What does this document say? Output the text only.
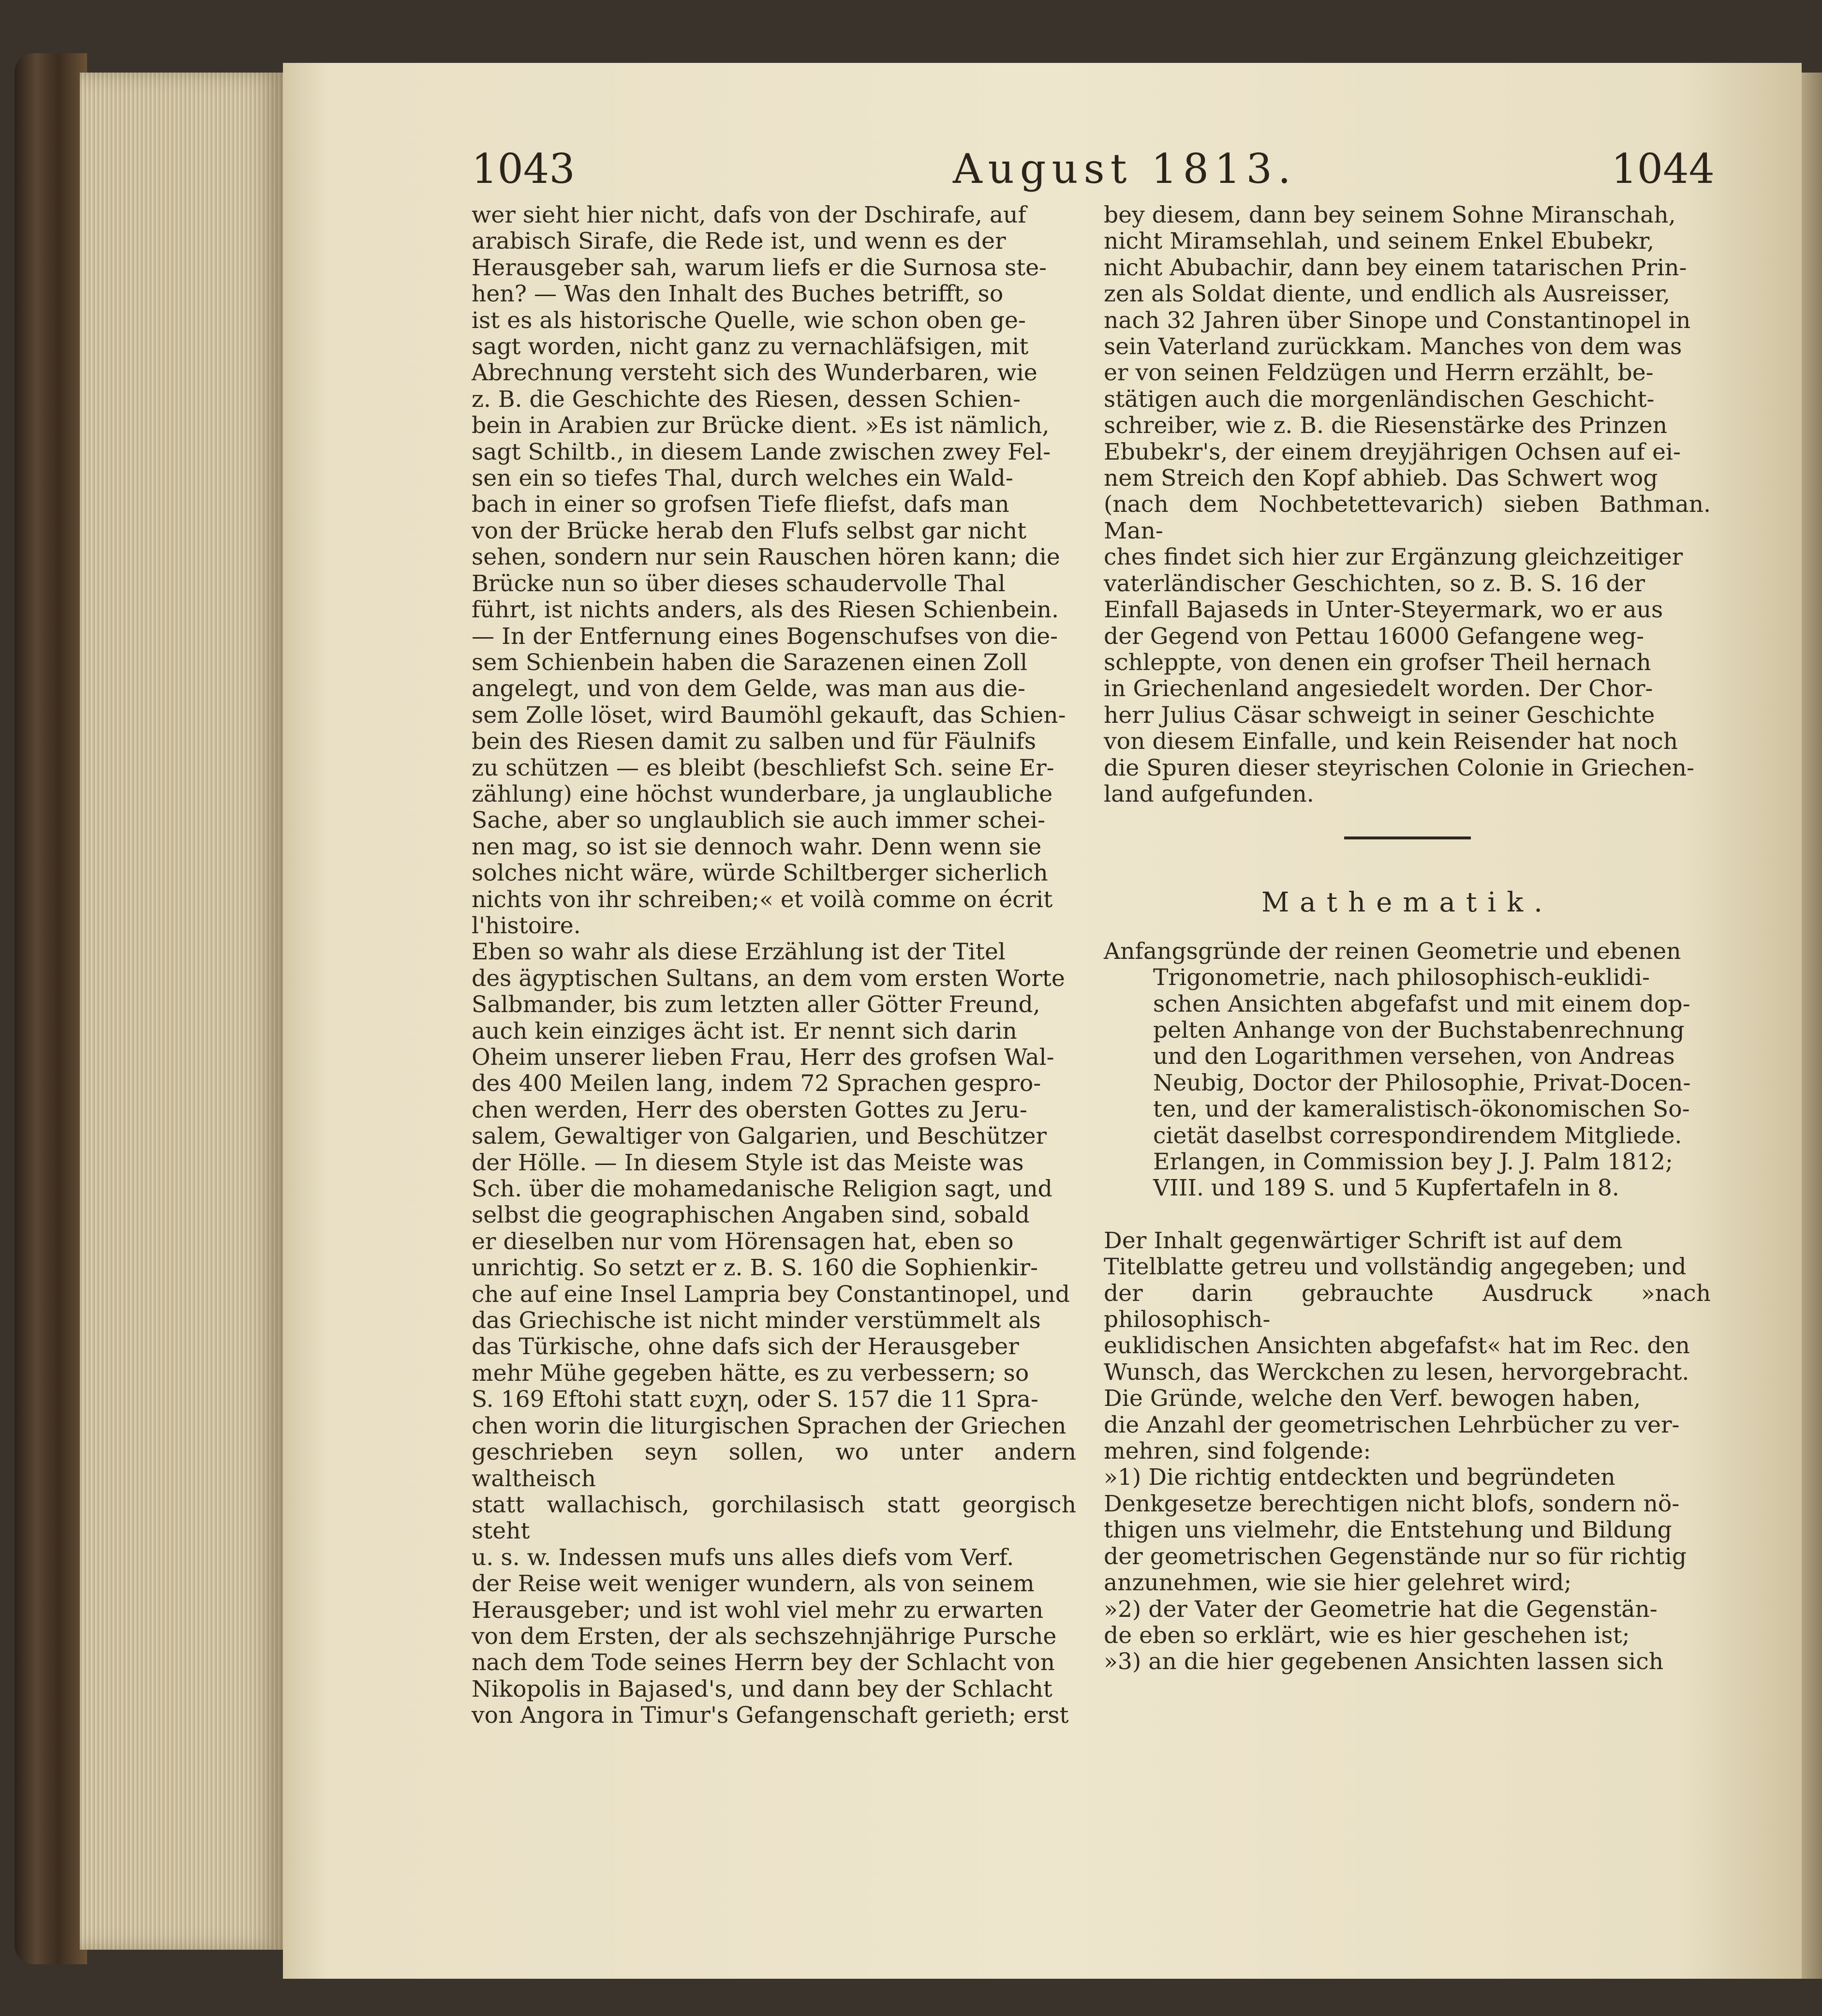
1043	August 1813.	1044

wer sieht hier nicht, dafs von der Dschirafe, auf

arabisch Sirafe, die Rede ist, und wenn es der

Herausgeber sah, warum liefs er die Surnosa ste-

hen? — Was den Inhalt des Buches betrifft, so

ist es als historische Quelle, wie schon oben ge-

sagt worden, nicht ganz zu vernachläfsigen, mit

Abrechnung versteht sich des Wunderbaren, wie

z. B. die Geschichte des Riesen, dessen Schien-

bein in Arabien zur Brücke dient. »Es ist nämlich,

sagt Schiltb., in diesem Lande zwischen zwey Fel-

sen ein so tiefes Thal, durch welches ein Wald-

bach in einer so grofsen Tiefe fliefst, dafs man

von der Brücke herab den Flufs selbst gar nicht

sehen, sondern nur sein Rauschen hören kann; die

Brücke nun so über dieses schaudervolle Thal

führt, ist nichts anders, als des Riesen Schienbein.

— In der Entfernung eines Bogenschufses von die-

sem Schienbein haben die Sarazenen einen Zoll

angelegt, und von dem Gelde, was man aus die-

sem Zolle löset, wird Baumöhl gekauft, das Schien-

bein des Riesen damit zu salben und für Fäulnifs

zu schützen — es bleibt (beschliefst Sch. seine Er-

zählung) eine höchst wunderbare, ja unglaubliche

Sache, aber so unglaublich sie auch immer schei-

nen mag, so ist sie dennoch wahr. Denn wenn sie

solches nicht wäre, würde Schiltberger sicherlich

nichts von ihr schreiben;« et voilà comme on écrit

l'histoire.

Eben so wahr als diese Erzählung ist der Titel

des ägyptischen Sultans, an dem vom ersten Worte

Salbmander, bis zum letzten aller Götter Freund,

auch kein einziges ächt ist. Er nennt sich darin

Oheim unserer lieben Frau, Herr des grofsen Wal-

des 400 Meilen lang, indem 72 Sprachen gespro-

chen werden, Herr des obersten Gottes zu Jeru-

salem, Gewaltiger von Galgarien, und Beschützer

der Hölle. — In diesem Style ist das Meiste was

Sch. über die mohamedanische Religion sagt, und

selbst die geographischen Angaben sind, sobald

er dieselben nur vom Hörensagen hat, eben so

unrichtig. So setzt er z. B. S. 160 die Sophienkir-

che auf eine Insel Lampria bey Constantinopel, und

das Griechische ist nicht minder verstümmelt als

das Türkische, ohne dafs sich der Herausgeber

mehr Mühe gegeben hätte, es zu verbessern; so

S. 169 Eftohi statt ευχη, oder S. 157 die 11 Spra-

chen worin die liturgischen Sprachen der Griechen

geschrieben seyn sollen, wo unter andern waltheisch

statt wallachisch, gorchilasisch statt georgisch steht

u. s. w. Indessen mufs uns alles diefs vom Verf.

der Reise weit weniger wundern, als von seinem

Herausgeber; und ist wohl viel mehr zu erwarten

von dem Ersten, der als sechszehnjährige Pursche

nach dem Tode seines Herrn bey der Schlacht von

Nikopolis in Bajased's, und dann bey der Schlacht

von Angora in Timur's Gefangenschaft gerieth; erst

bey diesem, dann bey seinem Sohne Miranschah,

nicht Miramsehlah, und seinem Enkel Ebubekr,

nicht Abubachir, dann bey einem tatarischen Prin-

zen als Soldat diente, und endlich als Ausreisser,

nach 32 Jahren über Sinope und Constantinopel in

sein Vaterland zurückkam. Manches von dem was

er von seinen Feldzügen und Herrn erzählt, be-

stätigen auch die morgenländischen Geschicht-

schreiber, wie z. B. die Riesenstärke des Prinzen

Ebubekr's, der einem dreyjährigen Ochsen auf ei-

nem Streich den Kopf abhieb. Das Schwert wog

(nach dem Nochbetettevarich) sieben Bathman. Man-

ches findet sich hier zur Ergänzung gleichzeitiger

vaterländischer Geschichten, so z. B. S. 16 der

Einfall Bajaseds in Unter-Steyermark, wo er aus

der Gegend von Pettau 16000 Gefangene weg-

schleppte, von denen ein grofser Theil hernach

in Griechenland angesiedelt worden. Der Chor-

herr Julius Cäsar schweigt in seiner Geschichte

von diesem Einfalle, und kein Reisender hat noch

die Spuren dieser steyrischen Colonie in Griechen-

land aufgefunden.

Mathematik.

Anfangsgründe der reinen Geometrie und ebenen

Trigonometrie, nach philosophisch-euklidi-

schen Ansichten abgefafst und mit einem dop-

pelten Anhange von der Buchstabenrechnung

und den Logarithmen versehen, von Andreas

Neubig, Doctor der Philosophie, Privat-Docen-

ten, und der kameralistisch-ökonomischen So-

cietät daselbst correspondirendem Mitgliede.

Erlangen, in Commission bey J. J. Palm 1812;

VIII. und 189 S. und 5 Kupfertafeln in 8.

Der Inhalt gegenwärtiger Schrift ist auf dem

Titelblatte getreu und vollständig angegeben; und

der darin gebrauchte Ausdruck »nach philosophisch-

euklidischen Ansichten abgefafst« hat im Rec. den

Wunsch, das Werckchen zu lesen, hervorgebracht.

Die Gründe, welche den Verf. bewogen haben,

die Anzahl der geometrischen Lehrbücher zu ver-

mehren, sind folgende:

»1) Die richtig entdeckten und begründeten

Denkgesetze berechtigen nicht blofs, sondern nö-

thigen uns vielmehr, die Entstehung und Bildung

der geometrischen Gegenstände nur so für richtig

anzunehmen, wie sie hier gelehret wird;

»2) der Vater der Geometrie hat die Gegenstän-

de eben so erklärt, wie es hier geschehen ist;

»3) an die hier gegebenen Ansichten lassen sich
